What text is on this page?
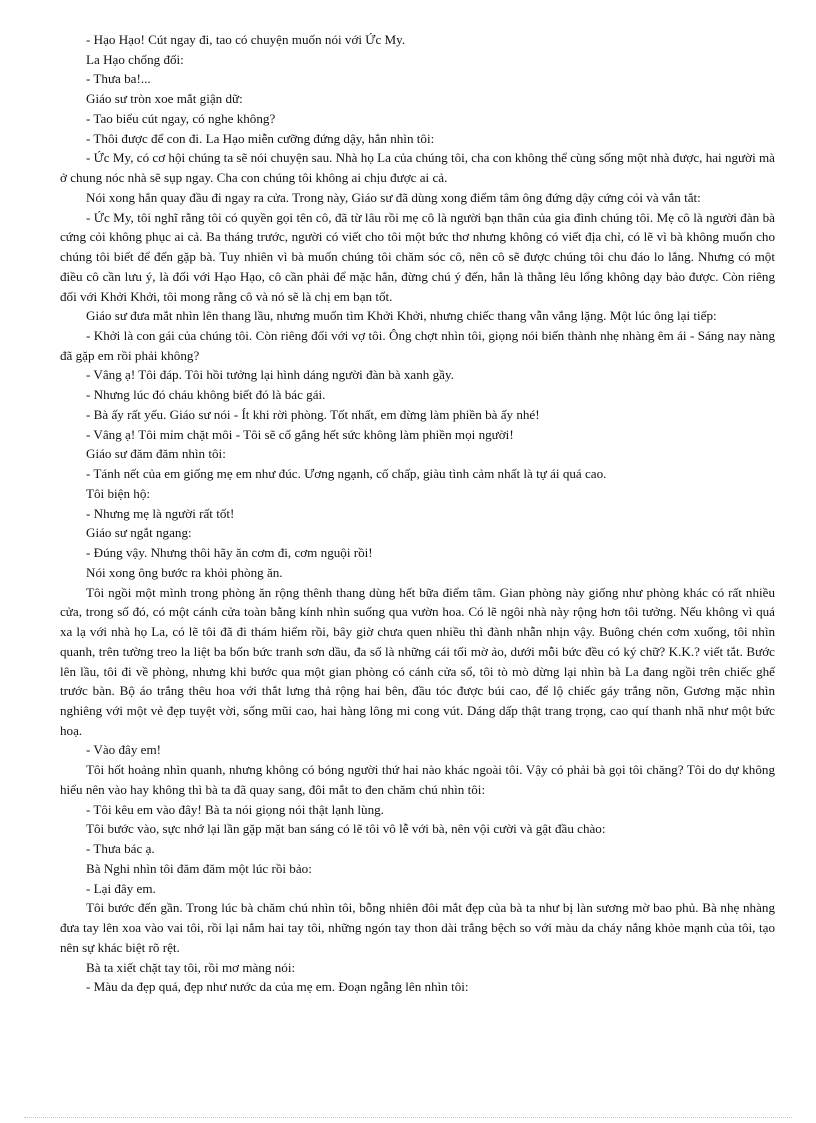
- Hạo Hạo! Cút ngay đi, tao có chuyện muốn nói với Ức My.

La Hạo chống đối:

- Thưa ba!...

Giáo sư tròn xoe mắt giận dữ:

- Tao biểu cút ngay, có nghe không?

- Thôi được để con đi. La Hạo miễn cưỡng đứng dậy, hắn nhìn tôi:

- Ức My, có cơ hội chúng ta sẽ nói chuyện sau. Nhà họ La của chúng tôi, cha con không thể cùng sống một nhà được, hai người mà ở chung nóc nhà sẽ sụp ngay. Cha con chúng tôi không ai chịu được ai cả.

Nói xong hắn quay đầu đi ngay ra cửa. Trong này, Giáo sư đã dùng xong điểm tâm ông đứng dậy cứng cỏi và vắn tắt:

- Ức My, tôi nghĩ rằng tôi có quyền gọi tên cô, đã từ lâu rồi mẹ cô là người bạn thân của gia đình chúng tôi. Mẹ cô là người đàn bà cứng cỏi không phục ai cả. Ba tháng trước, người có viết cho tôi một bức thơ nhưng không có viết địa chỉ, có lẽ vì bà không muốn cho chúng tôi biết để đến gặp bà. Tuy nhiên vì bà muốn chúng tôi chăm sóc cô, nên cô sẽ được chúng tôi chu đáo lo lắng. Nhưng có một điều cô cần lưu ý, là đối với Hạo Hạo, cô cần phải để mặc hắn, đừng chú ý đến, hắn là thằng lêu lổng không dạy bảo được. Còn riêng đối với Khởi Khởi, tôi mong rằng cô và nó sẽ là chị em bạn tốt.

Giáo sư đưa mắt nhìn lên thang lầu, nhưng muốn tìm Khởi Khởi, nhưng chiếc thang vẫn vắng lặng. Một lúc ông lại tiếp:

- Khởi là con gái của chúng tôi. Còn riêng đối với vợ tôi. Ông chợt nhìn tôi, giọng nói biến thành nhẹ nhàng êm ái - Sáng nay nàng đã gặp em rồi phải không?

- Vâng ạ! Tôi đáp. Tôi hồi tưởng lại hình dáng người đàn bà xanh gầy.

- Nhưng lúc đó cháu không biết đó là bác gái.

- Bà ấy rất yếu. Giáo sư nói - Ít khi rời phòng. Tốt nhất, em đừng làm phiền bà ấy nhé!

- Vâng ạ! Tôi mỉm chặt môi - Tôi sẽ cố gắng hết sức không làm phiền mọi người!

Giáo sư đăm đăm nhìn tôi:

- Tánh nết của em giống mẹ em như đúc. Ương ngạnh, cố chấp, giàu tình cảm nhất là tự ái quá cao.

Tôi biện hộ:

- Nhưng mẹ là người rất tốt!

Giáo sư ngắt ngang:

- Đúng vậy. Nhưng thôi hãy ăn cơm đi, cơm nguội rồi!

Nói xong ông bước ra khỏi phòng ăn.

Tôi ngồi một mình trong phòng ăn rộng thênh thang dùng hết bữa điểm tâm. Gian phòng này giống như phòng khác có rất nhiều cửa, trong số đó, có một cánh cửa toàn bằng kính nhìn suống qua vườn hoa. Có lẽ ngôi nhà này rộng hơn tôi tưởng. Nếu không vì quá xa lạ với nhà họ La, có lẽ tôi đã đi thám hiểm rồi, bây giờ chưa quen nhiều thì đành nhẫn nhịn vậy. Buông chén cơm xuống, tôi nhìn quanh, trên tường treo la liệt ba bốn bức tranh sơn dầu, đa số là những cái tối mờ ảo, dưới mỗi bức đều có ký chữ? K.K.? viết tắt. Bước lên lầu, tôi đi về phòng, nhưng khi bước qua một gian phòng có cánh cửa sổ, tôi tò mò dừng lại nhìn bà La đang ngồi trên chiếc ghế trước bàn. Bộ áo trắng thêu hoa với thắt lưng thả rộng hai bên, đầu tóc được búi cao, để lộ chiếc gáy trắng nõn, Gương mặc nhìn nghiêng với một vẻ đẹp tuyệt vời, sống mũi cao, hai hàng lông mi cong vút. Dáng dấp thật trang trọng, cao quí thanh nhã như một bức hoạ.

- Vào đây em!

Tôi hốt hoảng nhìn quanh, nhưng không có bóng người thứ hai nào khác ngoài tôi. Vậy có phải bà gọi tôi chăng? Tôi do dự không hiểu nên vào hay không thì bà ta đã quay sang, đôi mắt to đen chăm chú nhìn tôi:

- Tôi kêu em vào đây! Bà ta nói giọng nói thật lạnh lùng.

Tôi bước vào, sực nhớ lại lần gặp mặt ban sáng có lẽ tôi vô lễ với bà, nên vội cười và gật đầu chào:

- Thưa bác ạ.

Bà Nghi nhìn tôi đăm đăm một lúc rồi bảo:

- Lại đây em.

Tôi bước đến gần. Trong lúc bà chăm chú nhìn tôi, bỗng nhiên đôi mắt đẹp của bà ta như bị làn sương mờ bao phủ. Bà nhẹ nhàng đưa tay lên xoa vào vai tôi, rồi lại nắm hai tay tôi, những ngón tay thon dài trắng bệch so với màu da cháy nắng khỏe mạnh của tôi, tạo nên sự khác biệt rõ rệt.

Bà ta xiết chặt tay tôi, rồi mơ màng nói:

- Màu da đẹp quá, đẹp như nước da của mẹ em. Đoạn ngẫng lên nhìn tôi:
